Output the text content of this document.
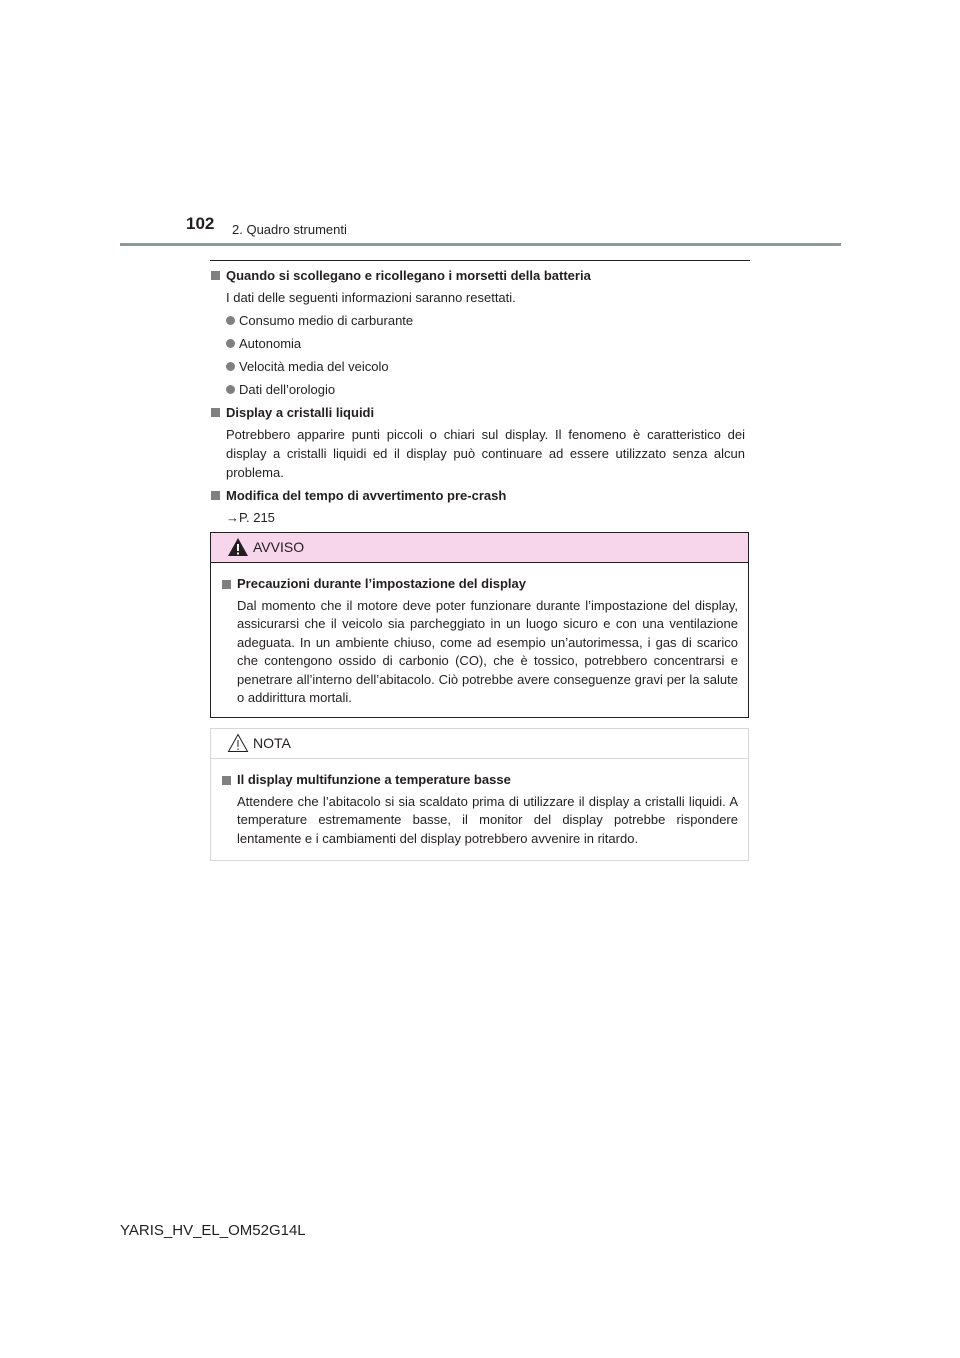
102 2. Quadro strumenti
Quando si scollegano e ricollegano i morsetti della batteria
I dati delle seguenti informazioni saranno resettati.
Consumo medio di carburante
Autonomia
Velocità media del veicolo
Dati dell’orologio
Display a cristalli liquidi
Potrebbero apparire punti piccoli o chiari sul display. Il fenomeno è caratteristico dei display a cristalli liquidi ed il display può continuare ad essere utilizzato senza alcun problema.
Modifica del tempo di avvertimento pre-crash
→P. 215
AVVISO
Precauzioni durante l’impostazione del display
Dal momento che il motore deve poter funzionare durante l’impostazione del display, assicurarsi che il veicolo sia parcheggiato in un luogo sicuro e con una ventilazione adeguata. In un ambiente chiuso, come ad esempio un’autorimessa, i gas di scarico che contengono ossido di carbonio (CO), che è tossico, potrebbero concentrarsi e penetrare all’interno dell’abitacolo. Ciò potrebbe avere conseguenze gravi per la salute o addirittura mortali.
NOTA
Il display multifunzione a temperature basse
Attendere che l’abitacolo si sia scaldato prima di utilizzare il display a cristalli liquidi. A temperature estremamente basse, il monitor del display potrebbe rispondere lentamente e i cambiamenti del display potrebbero avvenire in ritardo.
YARIS_HV_EL_OM52G14L
